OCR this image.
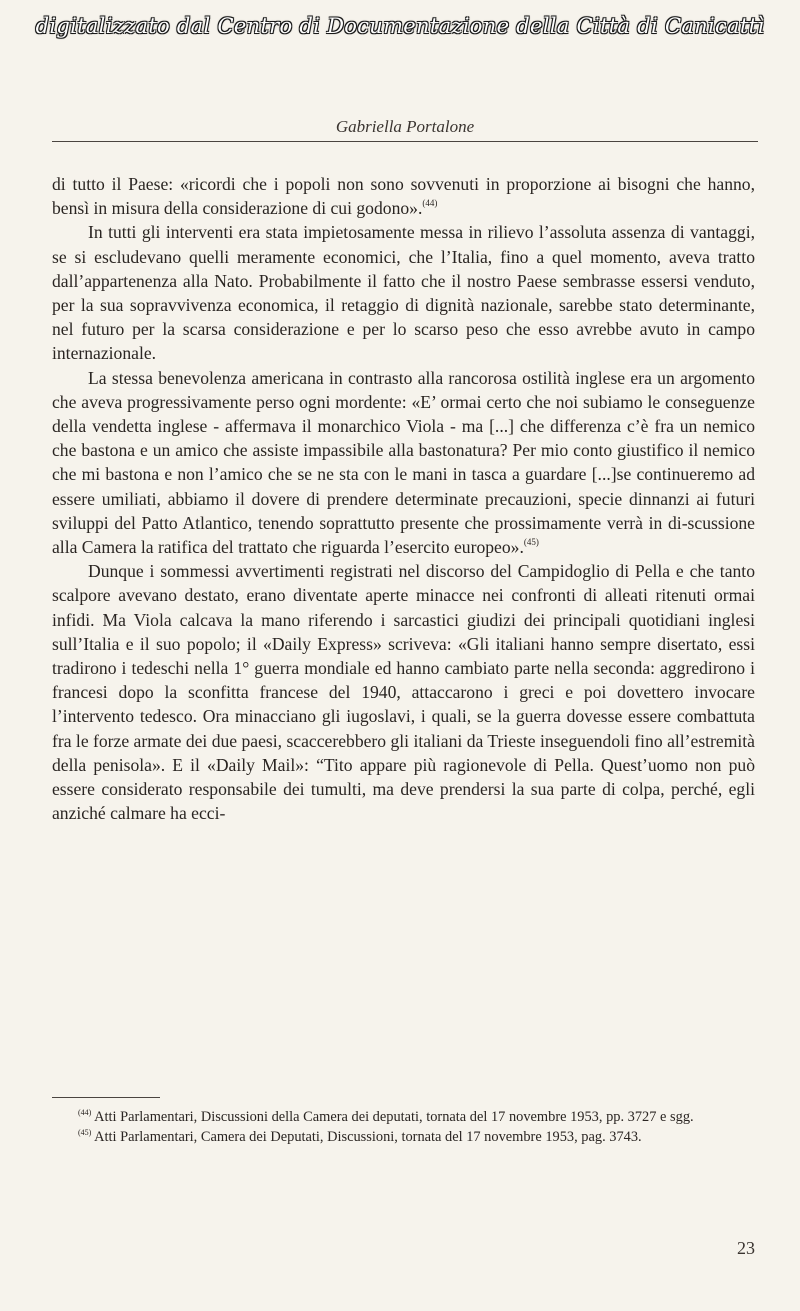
digitalizzato dal Centro di Documentazione della Città di Canicattì
Gabriella Portalone

di tutto il Paese: «ricordi che i popoli non sono sovvenuti in proporzione ai bisogni che hanno, bensì in misura della considerazione di cui godono».$^{(44)}$

In tutti gli interventi era stata impietosamente messa in rilievo l’assoluta assenza di vantaggi, se si escludevano quelli meramente economici, che l’Italia, fino a quel momento, aveva tratto dall’appartenenza alla Nato. Probabilmente il fatto che il nostro Paese sembrasse essersi venduto, per la sua sopravvivenza economica, il retaggio di dignità nazionale, sarebbe stato determinante, nel futuro per la scarsa considerazione e per lo scarso peso che esso avrebbe avuto in campo internazionale.

La stessa benevolenza americana in contrasto alla rancorosa ostilità inglese era un argomento che aveva progressivamente perso ogni mordente: «E’ ormai certo che noi subiamo le conseguenze della vendetta inglese - affermava il monarchico Viola - ma [...] che differenza c’è fra un nemico che bastona e un amico che assiste impassibile alla bastonatura? Per mio conto giustifico il nemico che mi bastona e non l’amico che se ne sta con le mani in tasca a guardare [...]se continueremo ad essere umiliati, abbiamo il dovere di prendere determinate precauzioni, specie dinnanzi ai futuri sviluppi del Patto Atlantico, tenendo soprattutto presente che prossimamente verrà in di-scussione alla Camera la ratifica del trattato che riguarda l’esercito europeo».$^{(45)}$

Dunque i sommessi avvertimenti registrati nel discorso del Campidoglio di Pella e che tanto scalpore avevano destato, erano diventate aperte minacce nei confronti di alleati ritenuti ormai infidi. Ma Viola calcava la mano riferendo i sarcastici giudizi dei principali quotidiani inglesi sull’Italia e il suo popolo; il «Daily Express» scriveva: «Gli italiani hanno sempre disertato, essi tradirono i tedeschi nella 1° guerra mondiale ed hanno cambiato parte nella seconda: aggredirono i francesi dopo la sconfitta francese del 1940, attaccarono i greci e poi dovettero invocare l’intervento tedesco. Ora minacciano gli iugoslavi, i quali, se la guerra dovesse essere combattuta fra le forze armate dei due paesi, scaccerebbero gli italiani da Trieste inseguendoli fino all’estremità della penisola». E il «Daily Mail»: “Tito appare più ragionevole di Pella. Quest’uomo non può essere considerato responsabile dei tumulti, ma deve prendersi la sua parte di colpa, perché, egli anziché calmare ha ecci-

$^{(44)}$ Atti Parlamentari, Discussioni della Camera dei deputati, tornata del 17 novembre 1953, pp. 3727 e sgg.

$^{(45)}$ Atti Parlamentari, Camera dei Deputati, Discussioni, tornata del 17 novembre 1953, pag. 3743.

23
